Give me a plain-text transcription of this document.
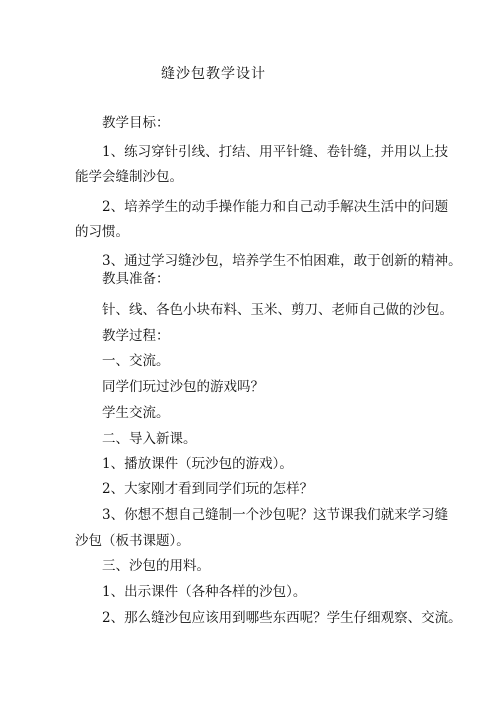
缝沙包教学设计
教学目标：
1、练习穿针引线、打结、用平针缝、卷针缝，并用以上技
能学会缝制沙包。
2、培养学生的动手操作能力和自己动手解决生活中的问题
的习惯。
3、通过学习缝沙包，培养学生不怕困难，敢于创新的精神。
教具准备：
针、线、各色小块布料、玉米、剪刀、老师自己做的沙包。
教学过程：
一、交流。
同学们玩过沙包的游戏吗？
学生交流。
二、导入新课。
1、播放课件（玩沙包的游戏）。
2、大家刚才看到同学们玩的怎样？
3、你想不想自己缝制一个沙包呢？这节课我们就来学习缝
沙包（板书课题）。
三、沙包的用料。
1、出示课件（各种各样的沙包）。
2、那么缝沙包应该用到哪些东西呢？学生仔细观察、交流。
